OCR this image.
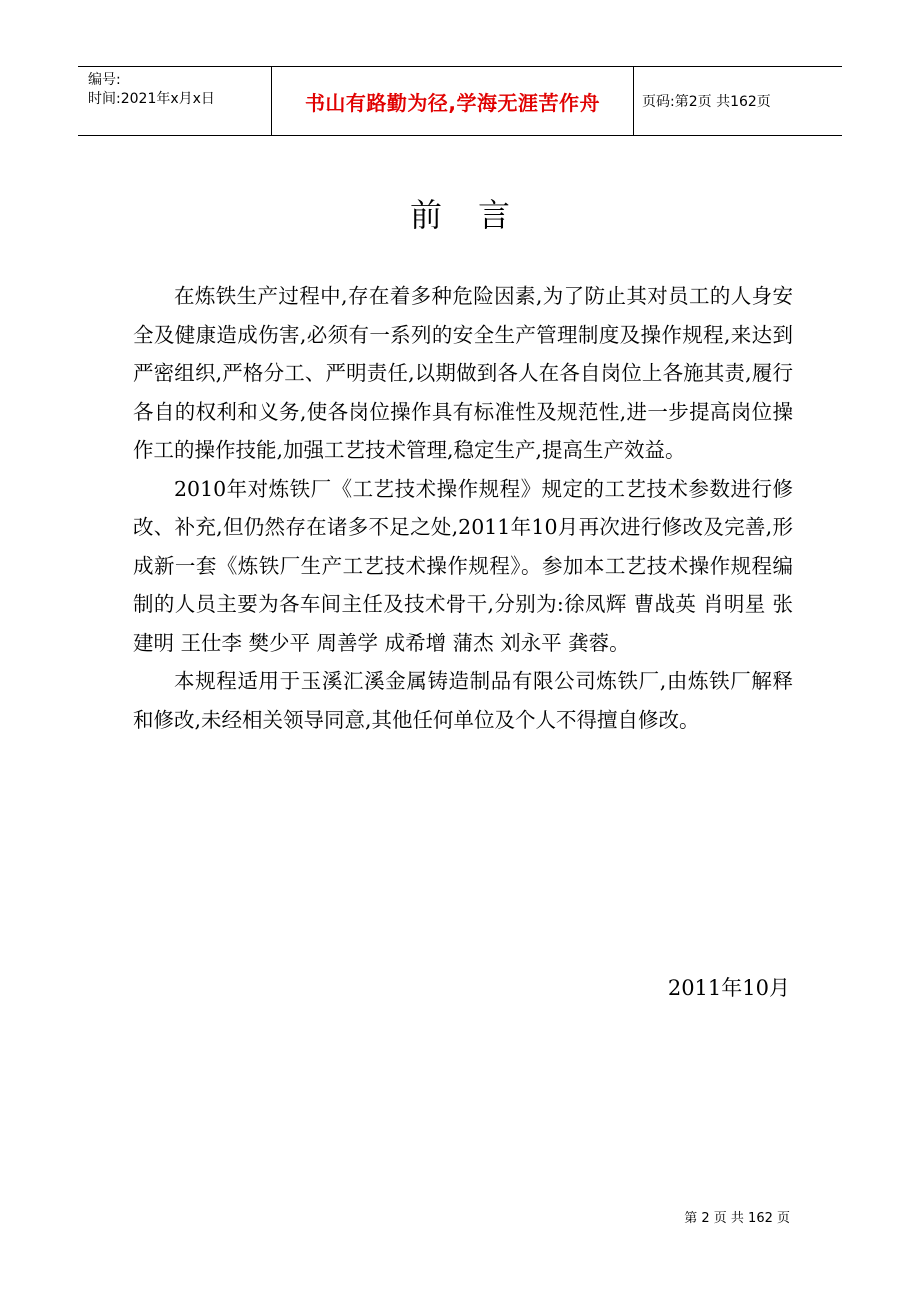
编号:
时间:2021年x月x日	书山有路勤为径,学海无涯苦作舟	页码:第2页 共162页
前言

在炼铁生产过程中,存在着多种危险因素,为了防止其对员工的人身安全及健康造成伤害,必须有一系列的安全生产管理制度及操作规程,来达到严密组织,严格分工、严明责任,以期做到各人在各自岗位上各施其责,履行各自的权利和义务,使各岗位操作具有标准性及规范性,进一步提高岗位操作工的操作技能,加强工艺技术管理,稳定生产,提高生产效益。

2010年对炼铁厂《工艺技术操作规程》规定的工艺技术参数进行修改、补充,但仍然存在诸多不足之处,2011年10月再次进行修改及完善,形成新一套《炼铁厂生产工艺技术操作规程》。参加本工艺技术操作规程编制的人员主要为各车间主任及技术骨干,分别为:徐凤辉 曹战英 肖明星 张建明 王仕李 樊少平 周善学 成希增 蒲杰 刘永平 龚蓉。

本规程适用于玉溪汇溪金属铸造制品有限公司炼铁厂,由炼铁厂解释和修改,未经相关领导同意,其他任何单位及个人不得擅自修改。

2011年10月
第 2 页 共 162 页
